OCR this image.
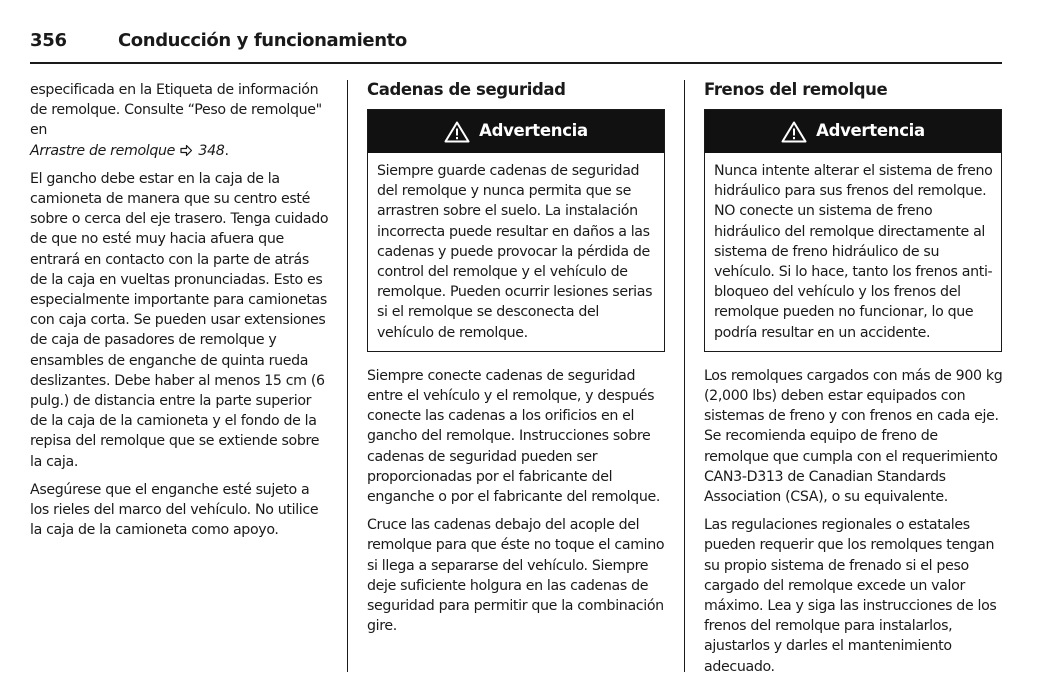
356	Conducción y funcionamiento

especificada en la Etiqueta de información de remolque. Consulte “Peso de remolque" en
Arrastre de remolque 348.

El gancho debe estar en la caja de la camioneta de manera que su centro esté sobre o cerca del eje trasero. Tenga cuidado de que no esté muy hacia afuera que entrará en contacto con la parte de atrás de la caja en vueltas pronunciadas. Esto es especialmente importante para camionetas con caja corta. Se pueden usar extensiones de caja de pasadores de remolque y ensambles de enganche de quinta rueda deslizantes. Debe haber al menos 15 cm (6 pulg.) de distancia entre la parte superior de la caja de la camioneta y el fondo de la repisa del remolque que se extiende sobre la caja.

Asegúrese que el enganche esté sujeto a los rieles del marco del vehículo. No utilice la caja de la camioneta como apoyo.

Cadenas de seguridad
Advertencia
Siempre guarde cadenas de seguridad del remolque y nunca permita que se arrastren sobre el suelo. La instalación incorrecta puede resultar en daños a las cadenas y puede provocar la pérdida de control del remolque y el vehículo de remolque. Pueden ocurrir lesiones serias si el remolque se desconecta del vehículo de remolque.

Siempre conecte cadenas de seguridad entre el vehículo y el remolque, y después conecte las cadenas a los orificios en el gancho del remolque. Instrucciones sobre cadenas de seguridad pueden ser proporcionadas por el fabricante del enganche o por el fabricante del remolque.

Cruce las cadenas debajo del acople del remolque para que éste no toque el camino si llega a separarse del vehículo. Siempre deje suficiente holgura en las cadenas de seguridad para permitir que la combinación gire.

Frenos del remolque
Advertencia
Nunca intente alterar el sistema de freno hidráulico para sus frenos del remolque. NO conecte un sistema de freno hidráulico del remolque directamente al sistema de freno hidráulico de su vehículo. Si lo hace, tanto los frenos anti-bloqueo del vehículo y los frenos del remolque pueden no funcionar, lo que podría resultar en un accidente.

Los remolques cargados con más de 900 kg (2,000 lbs) deben estar equipados con sistemas de freno y con frenos en cada eje. Se recomienda equipo de freno de remolque que cumpla con el requerimiento CAN3-D313 de Canadian Standards Association (CSA), o su equivalente.

Las regulaciones regionales o estatales pueden requerir que los remolques tengan su propio sistema de frenado si el peso cargado del remolque excede un valor máximo. Lea y siga las instrucciones de los frenos del remolque para instalarlos, ajustarlos y darles el mantenimiento adecuado.
